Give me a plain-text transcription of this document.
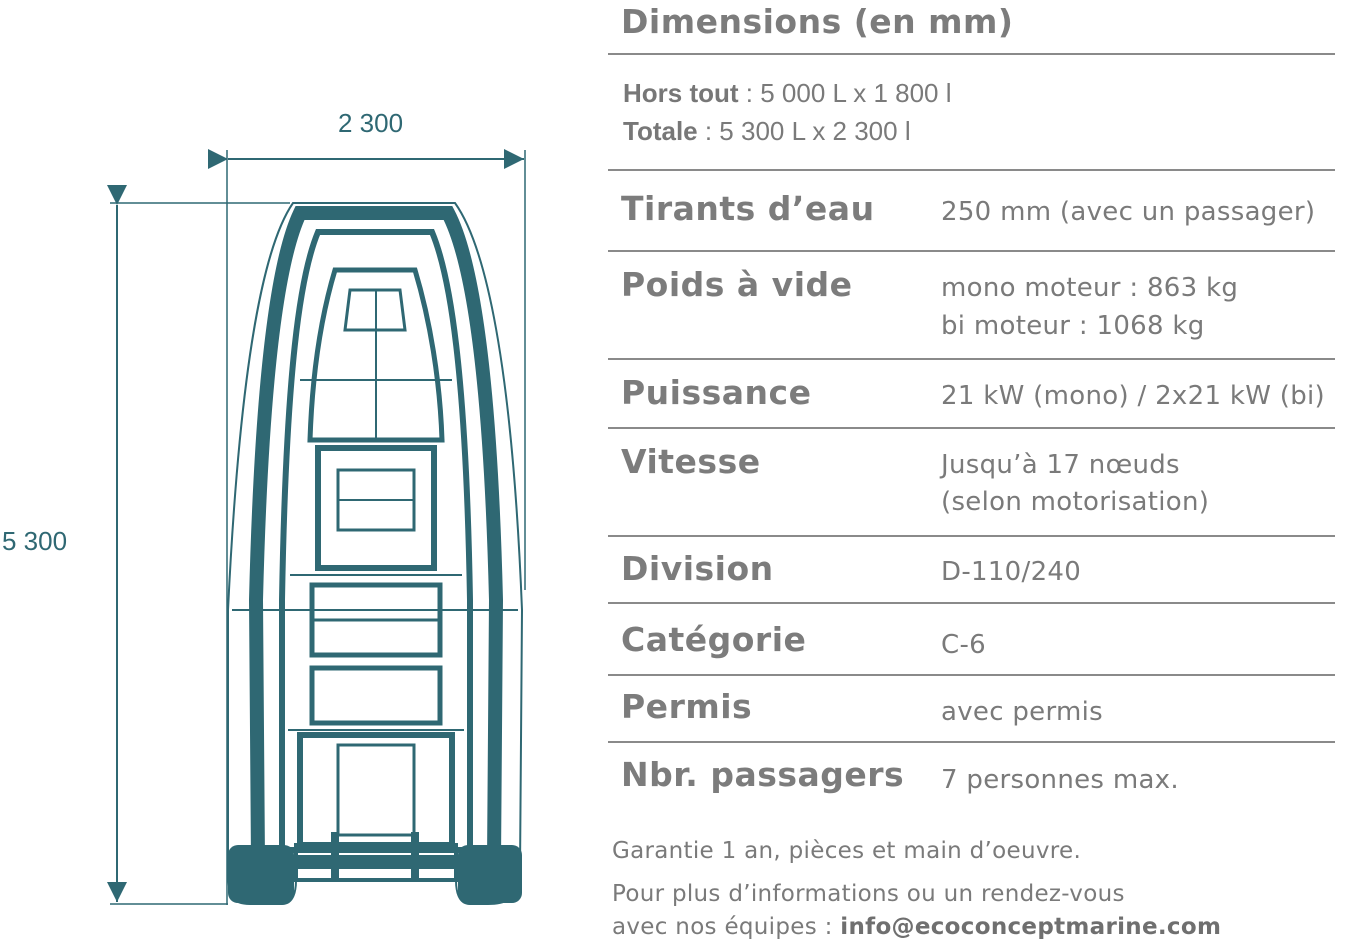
2 300
5 300
Dimensions (en mm)
Hors tout : 5 000 L x 1 800 l
Totale : 5 300 L x 2 300 l
Tirants d’eau	250 mm (avec un passager)
Poids à vide	mono moteur : 863 kg
bi moteur : 1068 kg
Puissance	21 kW (mono) / 2x21 kW (bi)
Vitesse	Jusqu’à 17 nœuds
(selon motorisation)
Division	D-110/240
Catégorie	C-6
Permis	avec permis
Nbr. passagers 7 personnes max.
Garantie 1 an, pièces et main d’oeuvre.
Pour plus d’informations ou un rendez-vous
avec nos équipes : info@ecoconceptmarine.com
